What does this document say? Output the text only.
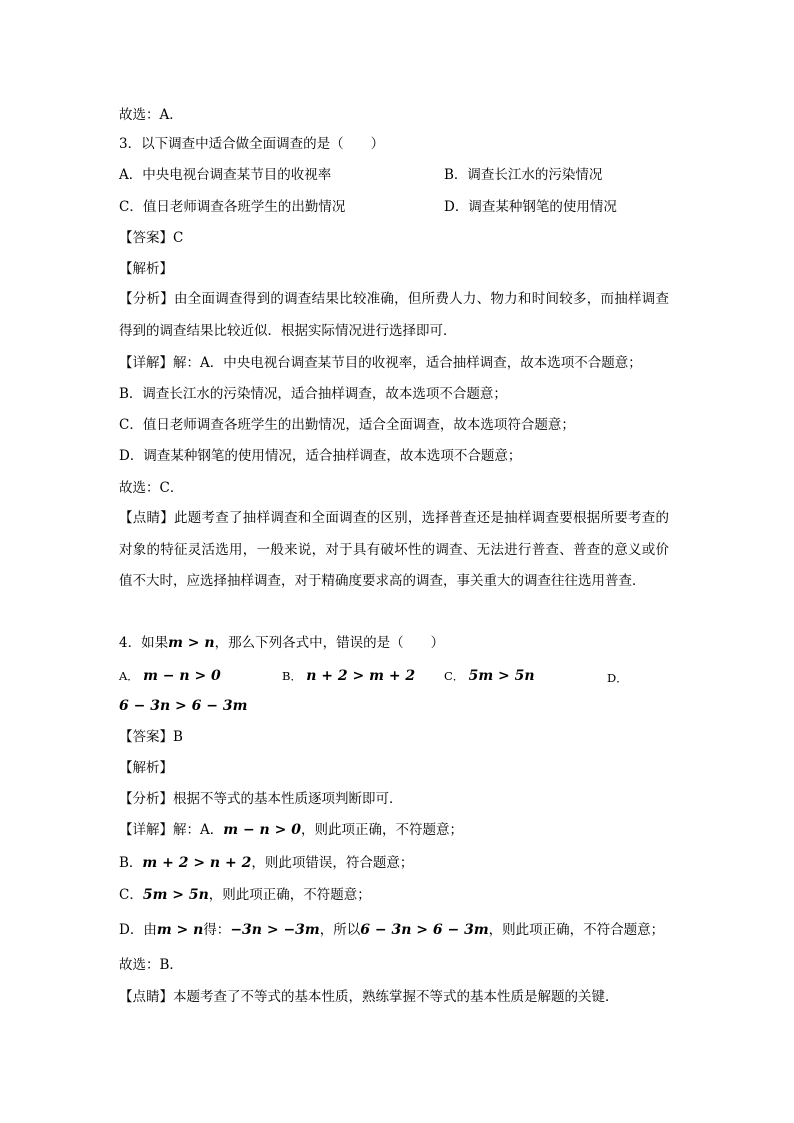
故选：A．
3．以下调查中适合做全面调查的是（　　）
A．中央电视台调查某节目的收视率	B．调查长江水的污染情况
C．值日老师调查各班学生的出勤情况	D．调查某种钢笔的使用情况
【答案】C
【解析】
【分析】由全面调查得到的调查结果比较准确，但所费人力、物力和时间较多，而抽样调查得到的调查结果比较近似．根据实际情况进行选择即可．
【详解】解：A．中央电视台调查某节目的收视率，适合抽样调查，故本选项不合题意；
B．调查长江水的污染情况，适合抽样调查，故本选项不合题意；
C．值日老师调查各班学生的出勤情况，适合全面调查，故本选项符合题意；
D．调查某种钢笔的使用情况，适合抽样调查，故本选项不合题意；
故选：C．
【点睛】此题考查了抽样调查和全面调查的区别，选择普查还是抽样调查要根据所要考查的对象的特征灵活选用，一般来说，对于具有破坏性的调查、无法进行普查、普查的意义或价值不大时，应选择抽样调查，对于精确度要求高的调查，事关重大的调查往往选用普查．
4．如果m > n，那么下列各式中，错误的是（　　）
A． m − n > 0	B． n + 2 > m + 2	C． 5m > 5n	D．
6 − 3n > 6 − 3m
【答案】B
【解析】
【分析】根据不等式的基本性质逐项判断即可．
【详解】解：A．m − n > 0，则此项正确，不符题意；
B．m + 2 > n + 2，则此项错误，符合题意；
C．5m > 5n，则此项正确，不符题意；
D．由m > n得：−3n > −3m，所以6 − 3n > 6 − 3m，则此项正确，不符合题意；
故选：B．
【点睛】本题考查了不等式的基本性质，熟练掌握不等式的基本性质是解题的关键．
